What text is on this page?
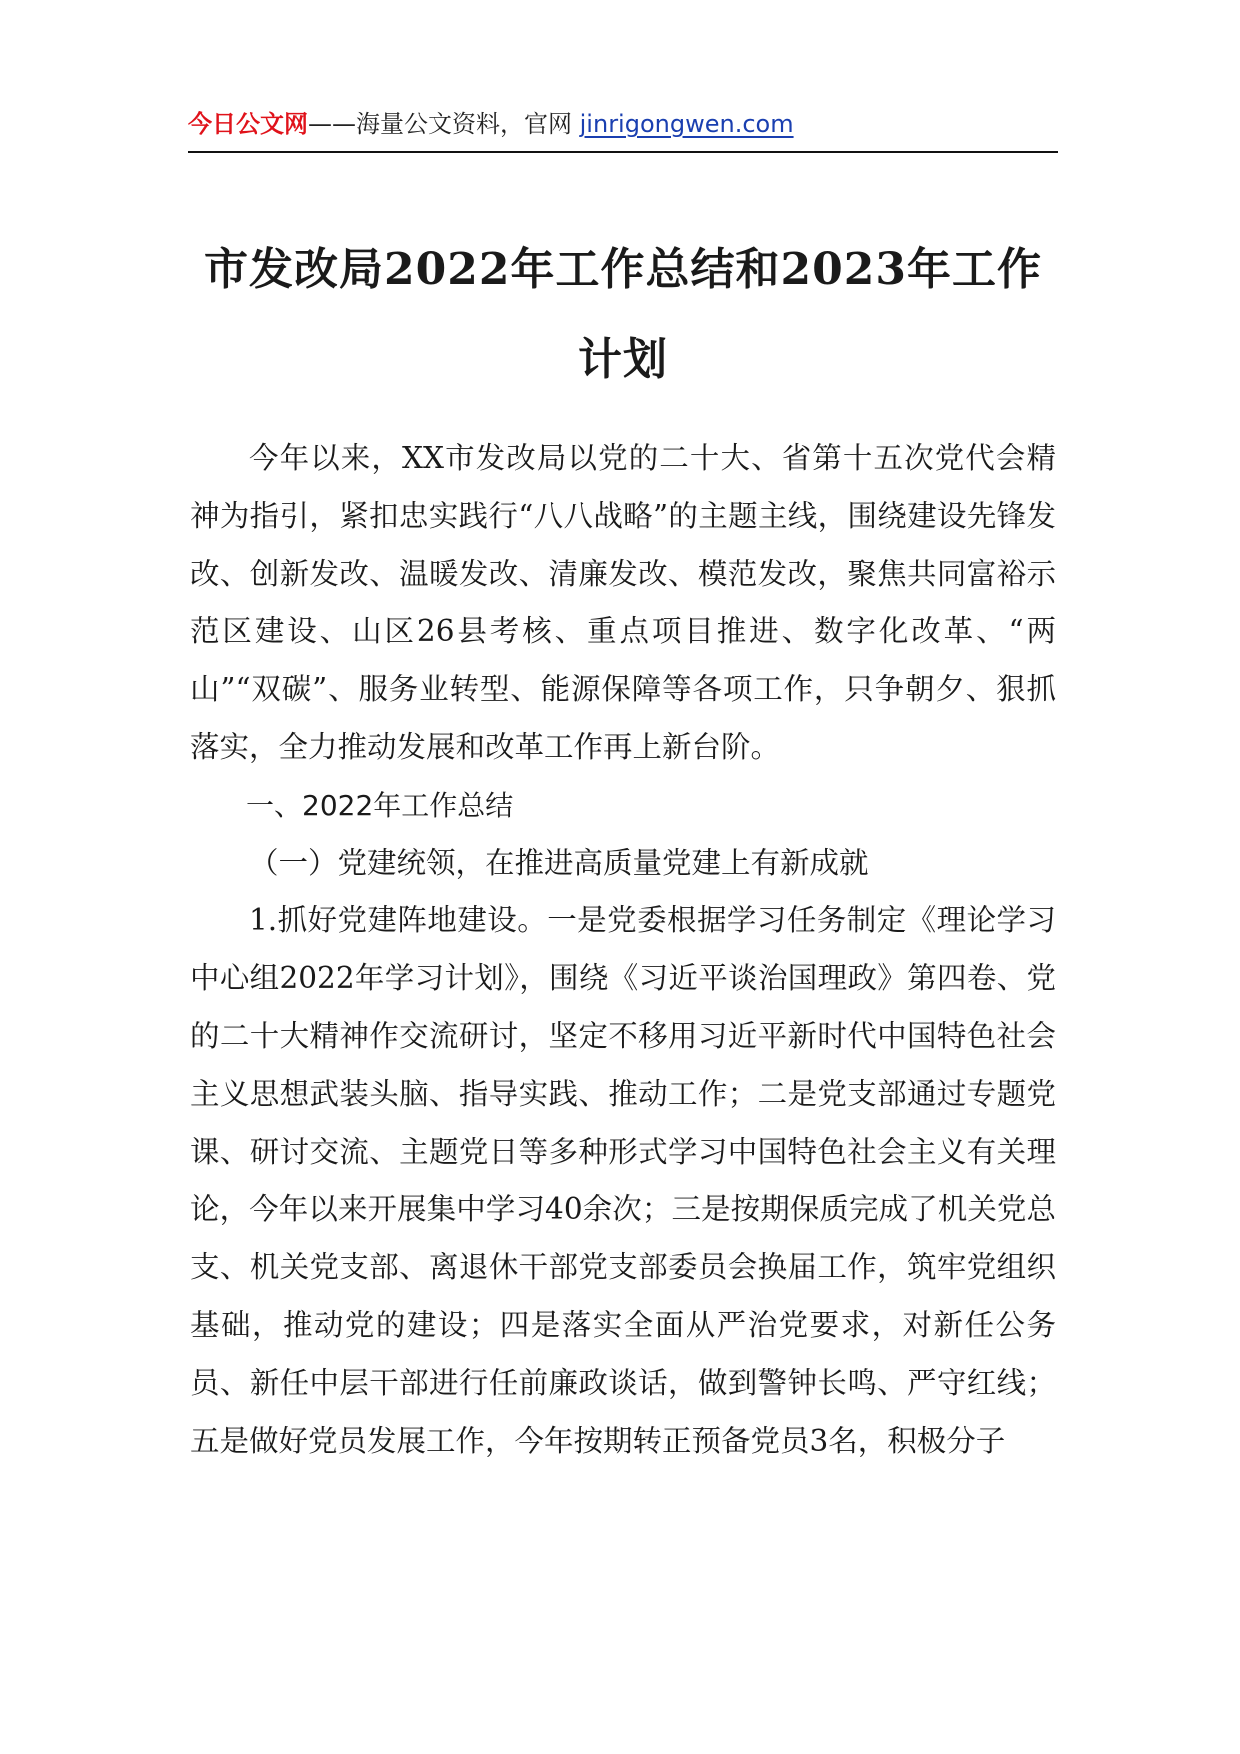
今日公文网——海量公文资料，官网 jinrigongwen.com
市发改局2022年工作总结和2023年工作
计划

今年以来，XX市发改局以党的二十大、省第十五次党代会精神为指引，紧扣忠实践行“八八战略”的主题主线，围绕建设先锋发改、创新发改、温暖发改、清廉发改、模范发改，聚焦共同富裕示范区建设、山区26县考核、重点项目推进、数字化改革、“两山”“双碳”、服务业转型、能源保障等各项工作，只争朝夕、狠抓落实，全力推动发展和改革工作再上新台阶。

一、2022年工作总结

（一）党建统领，在推进高质量党建上有新成就

1.抓好党建阵地建设。一是党委根据学习任务制定《理论学习中心组2022年学习计划》，围绕《习近平谈治国理政》第四卷、党的二十大精神作交流研讨，坚定不移用习近平新时代中国特色社会主义思想武装头脑、指导实践、推动工作；二是党支部通过专题党课、研讨交流、主题党日等多种形式学习中国特色社会主义有关理论，今年以来开展集中学习40余次；三是按期保质完成了机关党总支、机关党支部、离退休干部党支部委员会换届工作，筑牢党组织基础，推动党的建设；四是落实全面从严治党要求，对新任公务员、新任中层干部进行任前廉政谈话，做到警钟长鸣、严守红线；五是做好党员发展工作，今年按期转正预备党员3名，积极分子
